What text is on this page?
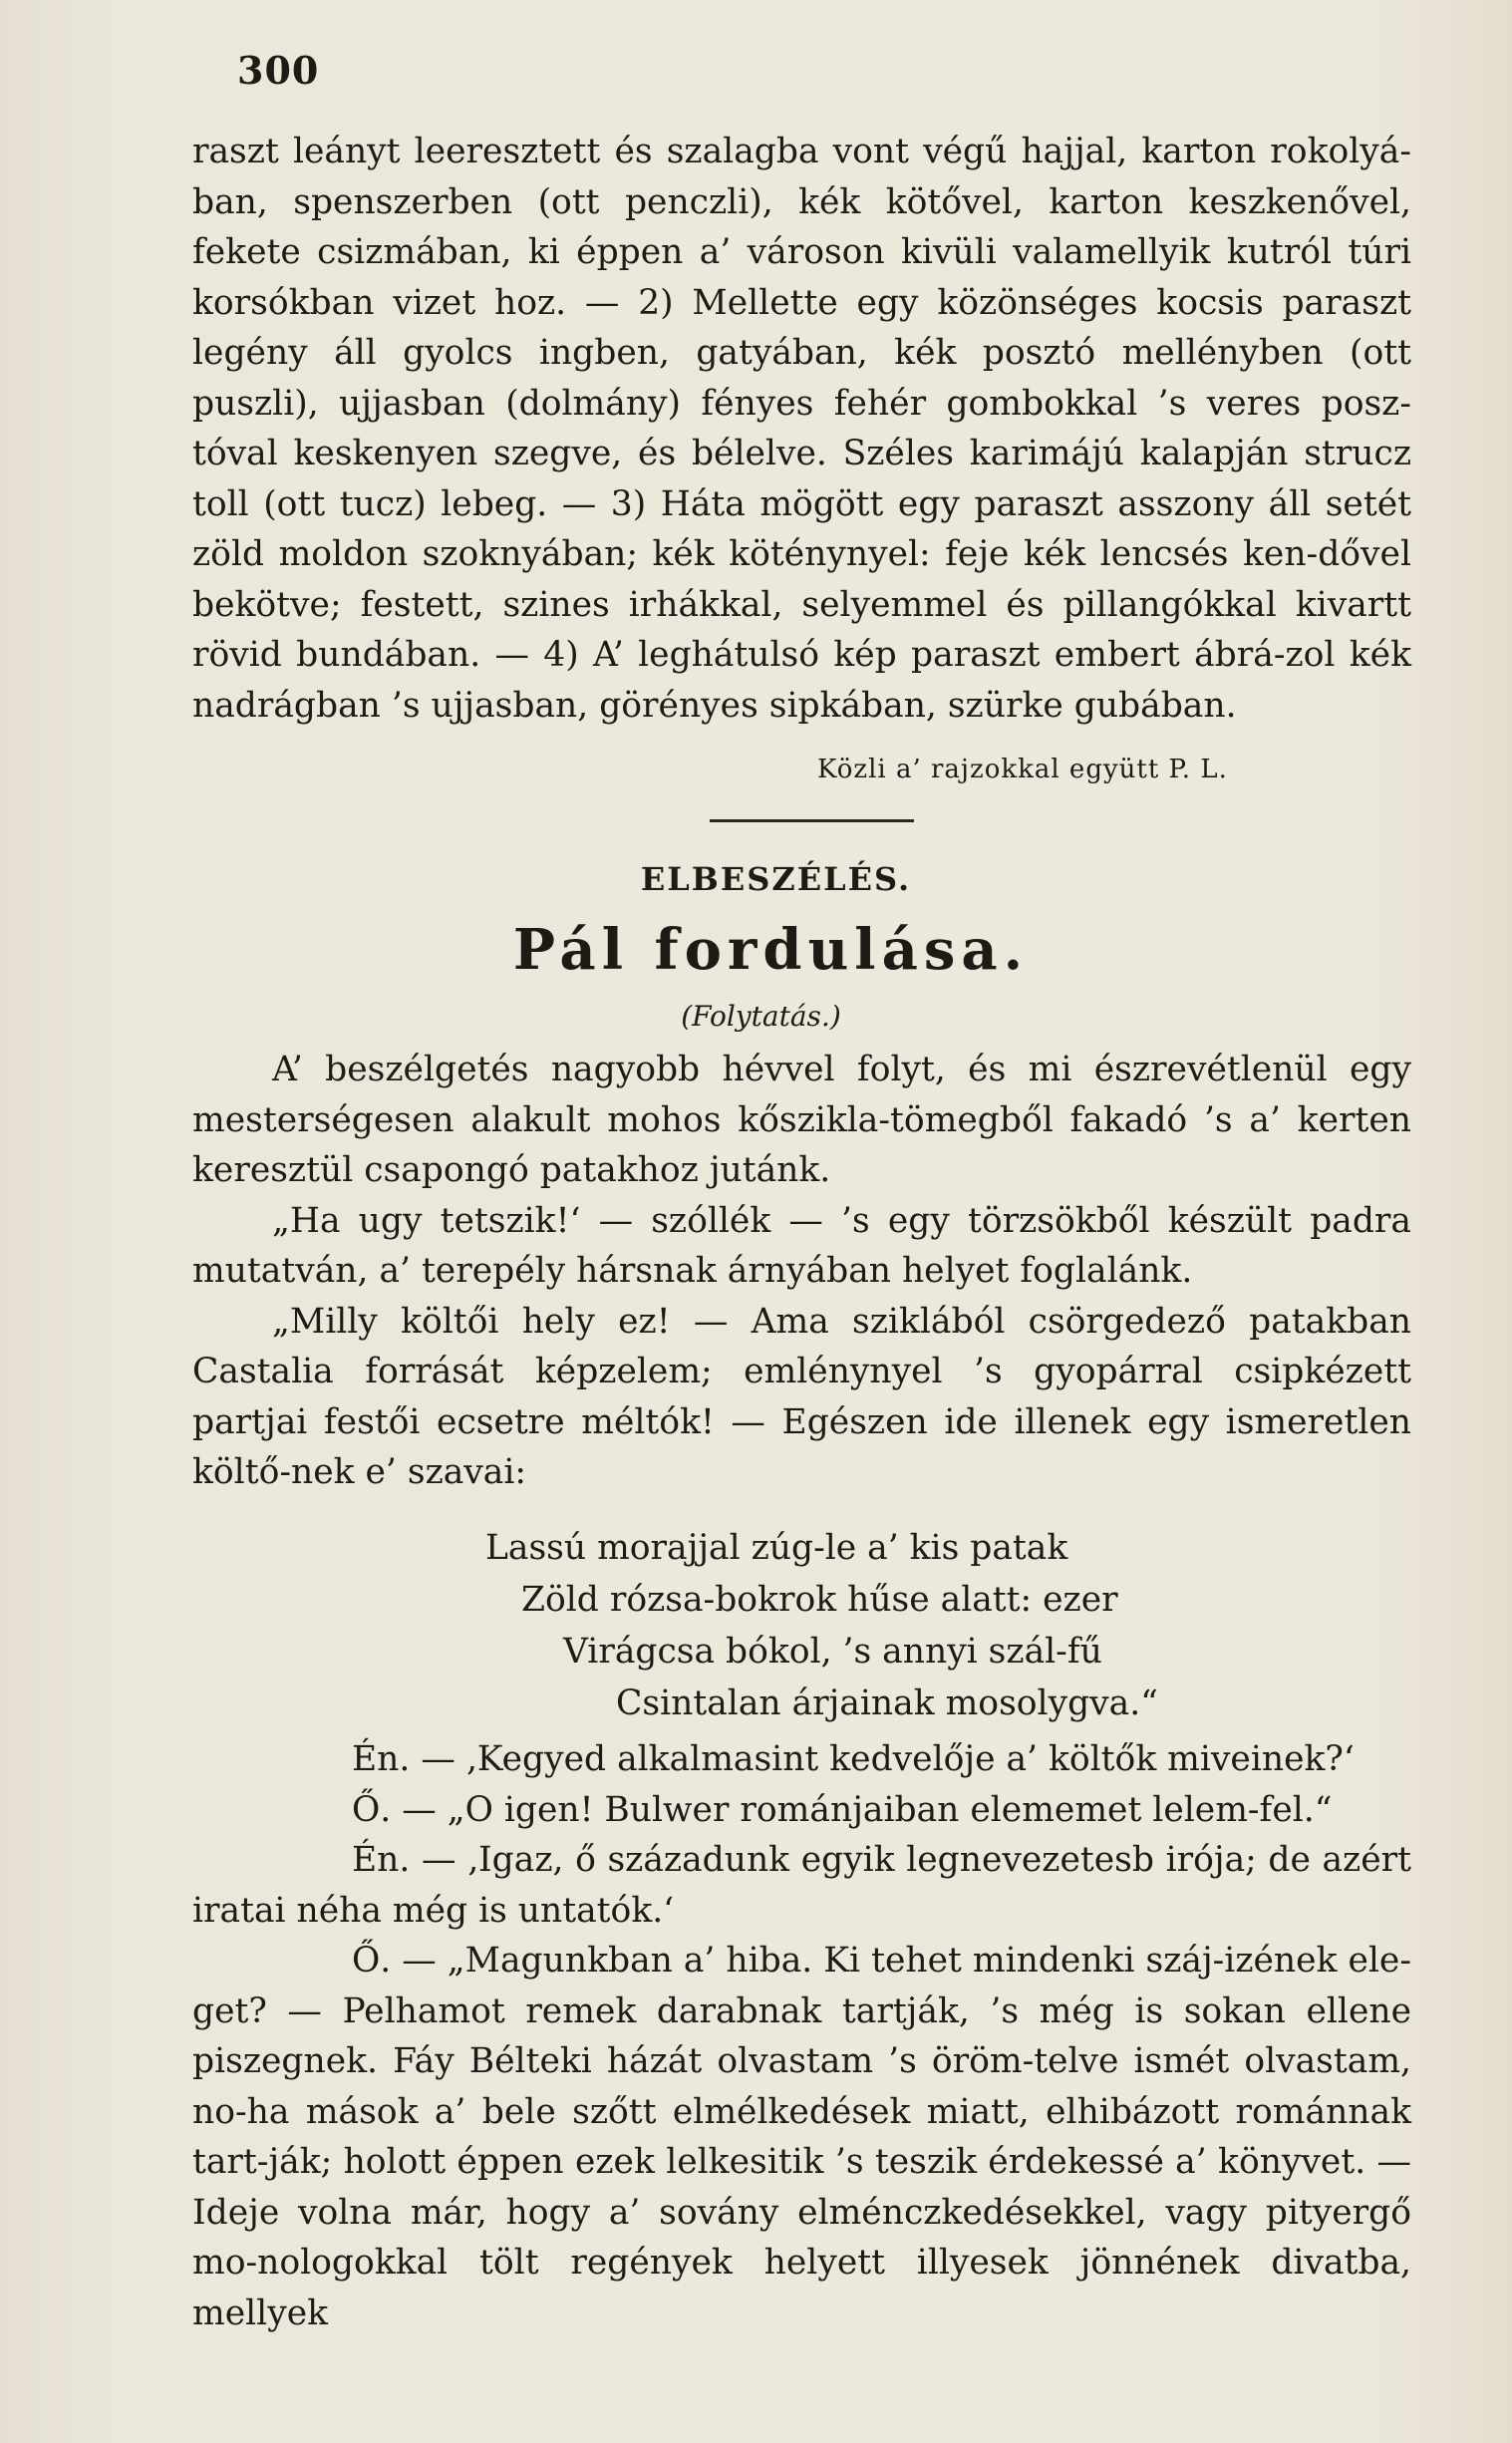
300

raszt leányt leeresztett és szalagba vont végű hajjal, karton rokolyá-ban, spenszerben (ott penczli), kék kötővel, karton keszkenővel, fekete csizmában, ki éppen a’ városon kivüli valamellyik kutról túri korsókban vizet hoz. — 2) Mellette egy közönséges kocsis paraszt legény áll gyolcs ingben, gatyában, kék posztó mellényben (ott puszli), ujjasban (dolmány) fényes fehér gombokkal ’s veres posz-tóval keskenyen szegve, és bélelve. Széles karimájú kalapján strucz toll (ott tucz) lebeg. — 3) Háta mögött egy paraszt asszony áll setét zöld moldon szoknyában; kék köténynyel: feje kék lencsés ken-dővel bekötve; festett, szines irhákkal, selyemmel és pillangókkal kivartt rövid bundában. — 4) A’ leghátulsó kép paraszt embert ábrá-zol kék nadrágban ’s ujjasban, görényes sipkában, szürke gubában.

Közli a’ rajzokkal együtt P. L.
ELBESZÉLÉS.
Pál fordulása.
(Folytatás.)

A’ beszélgetés nagyobb hévvel folyt, és mi észrevétlenül egy mesterségesen alakult mohos kőszikla-tömegből fakadó ’s a’ kerten keresztül csapongó patakhoz jutánk.

„Ha ugy tetszik!‘ — szóllék — ’s egy törzsökből készült padra mutatván, a’ terepély hársnak árnyában helyet foglalánk.

„Milly költői hely ez! — Ama sziklából csörgedező patakban Castalia forrását képzelem; emlénynyel ’s gyopárral csipkézett partjai festői ecsetre méltók! — Egészen ide illenek egy ismeretlen költő-nek e’ szavai:

Lassú morajjal zúg-le a’ kis patak
Zöld rózsa-bokrok hűse alatt: ezer
Virágcsa bókol, ’s annyi szál-fű
Csintalan árjainak mosolygva.“

Én. — ‚Kegyed alkalmasint kedvelője a’ költők miveinek?‘

Ő. — „O igen! Bulwer románjaiban elememet lelem-fel.“

Én. — ‚Igaz, ő századunk egyik legnevezetesb irója; de azért iratai néha még is untatók.‘

Ő. — „Magunkban a’ hiba. Ki tehet mindenki száj-izének ele-get? — Pelhamot remek darabnak tartják, ’s még is sokan ellene piszegnek. Fáy Bélteki házát olvastam ’s öröm-telve ismét olvastam, no-ha mások a’ bele szőtt elmélkedések miatt, elhibázott románnak tart-ják; holott éppen ezek lelkesitik ’s teszik érdekessé a’ könyvet. — Ideje volna már, hogy a’ sovány elménczkedésekkel, vagy pityergő mo-nologokkal tölt regények helyett illyesek jönnének divatba, mellyek
